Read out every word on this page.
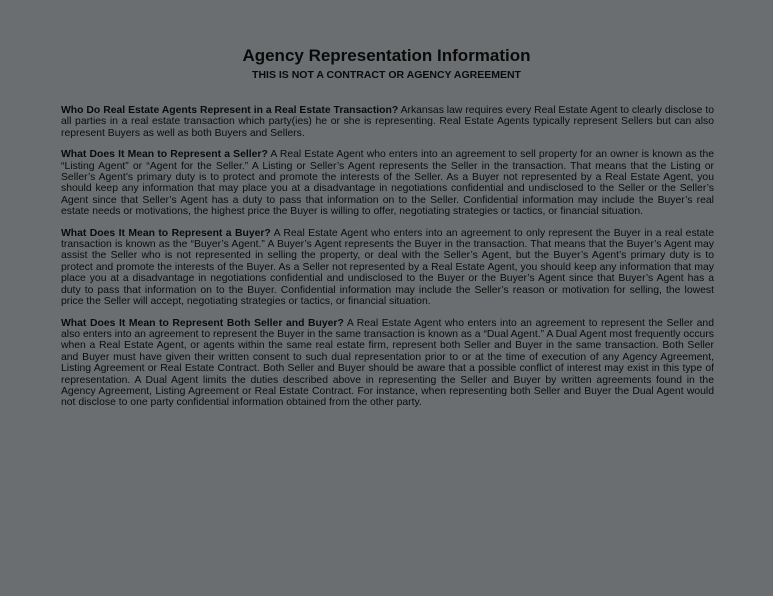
Agency Representation Information
THIS IS NOT A CONTRACT OR AGENCY AGREEMENT

Who Do Real Estate Agents Represent in a Real Estate Transaction? Arkansas law requires every Real Estate Agent to clearly disclose to all parties in a real estate transaction which party(ies) he or she is representing. Real Estate Agents typically represent Sellers but can also represent Buyers as well as both Buyers and Sellers.

What Does It Mean to Represent a Seller? A Real Estate Agent who enters into an agreement to sell property for an owner is known as the “Listing Agent” or “Agent for the Seller.” A Listing or Seller’s Agent represents the Seller in the transaction. That means that the Listing or Seller’s Agent’s primary duty is to protect and promote the interests of the Seller. As a Buyer not represented by a Real Estate Agent, you should keep any information that may place you at a disadvantage in negotiations confidential and undisclosed to the Seller or the Seller’s Agent since that Seller’s Agent has a duty to pass that information on to the Seller. Confidential information may include the Buyer’s real estate needs or motivations, the highest price the Buyer is willing to offer, negotiating strategies or tactics, or financial situation.

What Does It Mean to Represent a Buyer? A Real Estate Agent who enters into an agreement to only represent the Buyer in a real estate transaction is known as the “Buyer’s Agent.” A Buyer’s Agent represents the Buyer in the transaction. That means that the Buyer’s Agent may assist the Seller who is not represented in selling the property, or deal with the Seller’s Agent, but the Buyer’s Agent’s primary duty is to protect and promote the interests of the Buyer. As a Seller not represented by a Real Estate Agent, you should keep any information that may place you at a disadvantage in negotiations confidential and undisclosed to the Buyer or the Buyer’s Agent since that Buyer’s Agent has a duty to pass that information on to the Buyer. Confidential information may include the Seller’s reason or motivation for selling, the lowest price the Seller will accept, negotiating strategies or tactics, or financial situation.

What Does It Mean to Represent Both Seller and Buyer? A Real Estate Agent who enters into an agreement to represent the Seller and also enters into an agreement to represent the Buyer in the same transaction is known as a “Dual Agent.” A Dual Agent most frequently occurs when a Real Estate Agent, or agents within the same real estate firm, represent both Seller and Buyer in the same transaction. Both Seller and Buyer must have given their written consent to such dual representation prior to or at the time of execution of any Agency Agreement, Listing Agreement or Real Estate Contract. Both Seller and Buyer should be aware that a possible conflict of interest may exist in this type of representation. A Dual Agent limits the duties described above in representing the Seller and Buyer by written agreements found in the Agency Agreement, Listing Agreement or Real Estate Contract. For instance, when representing both Seller and Buyer the Dual Agent would not disclose to one party confidential information obtained from the other party.
